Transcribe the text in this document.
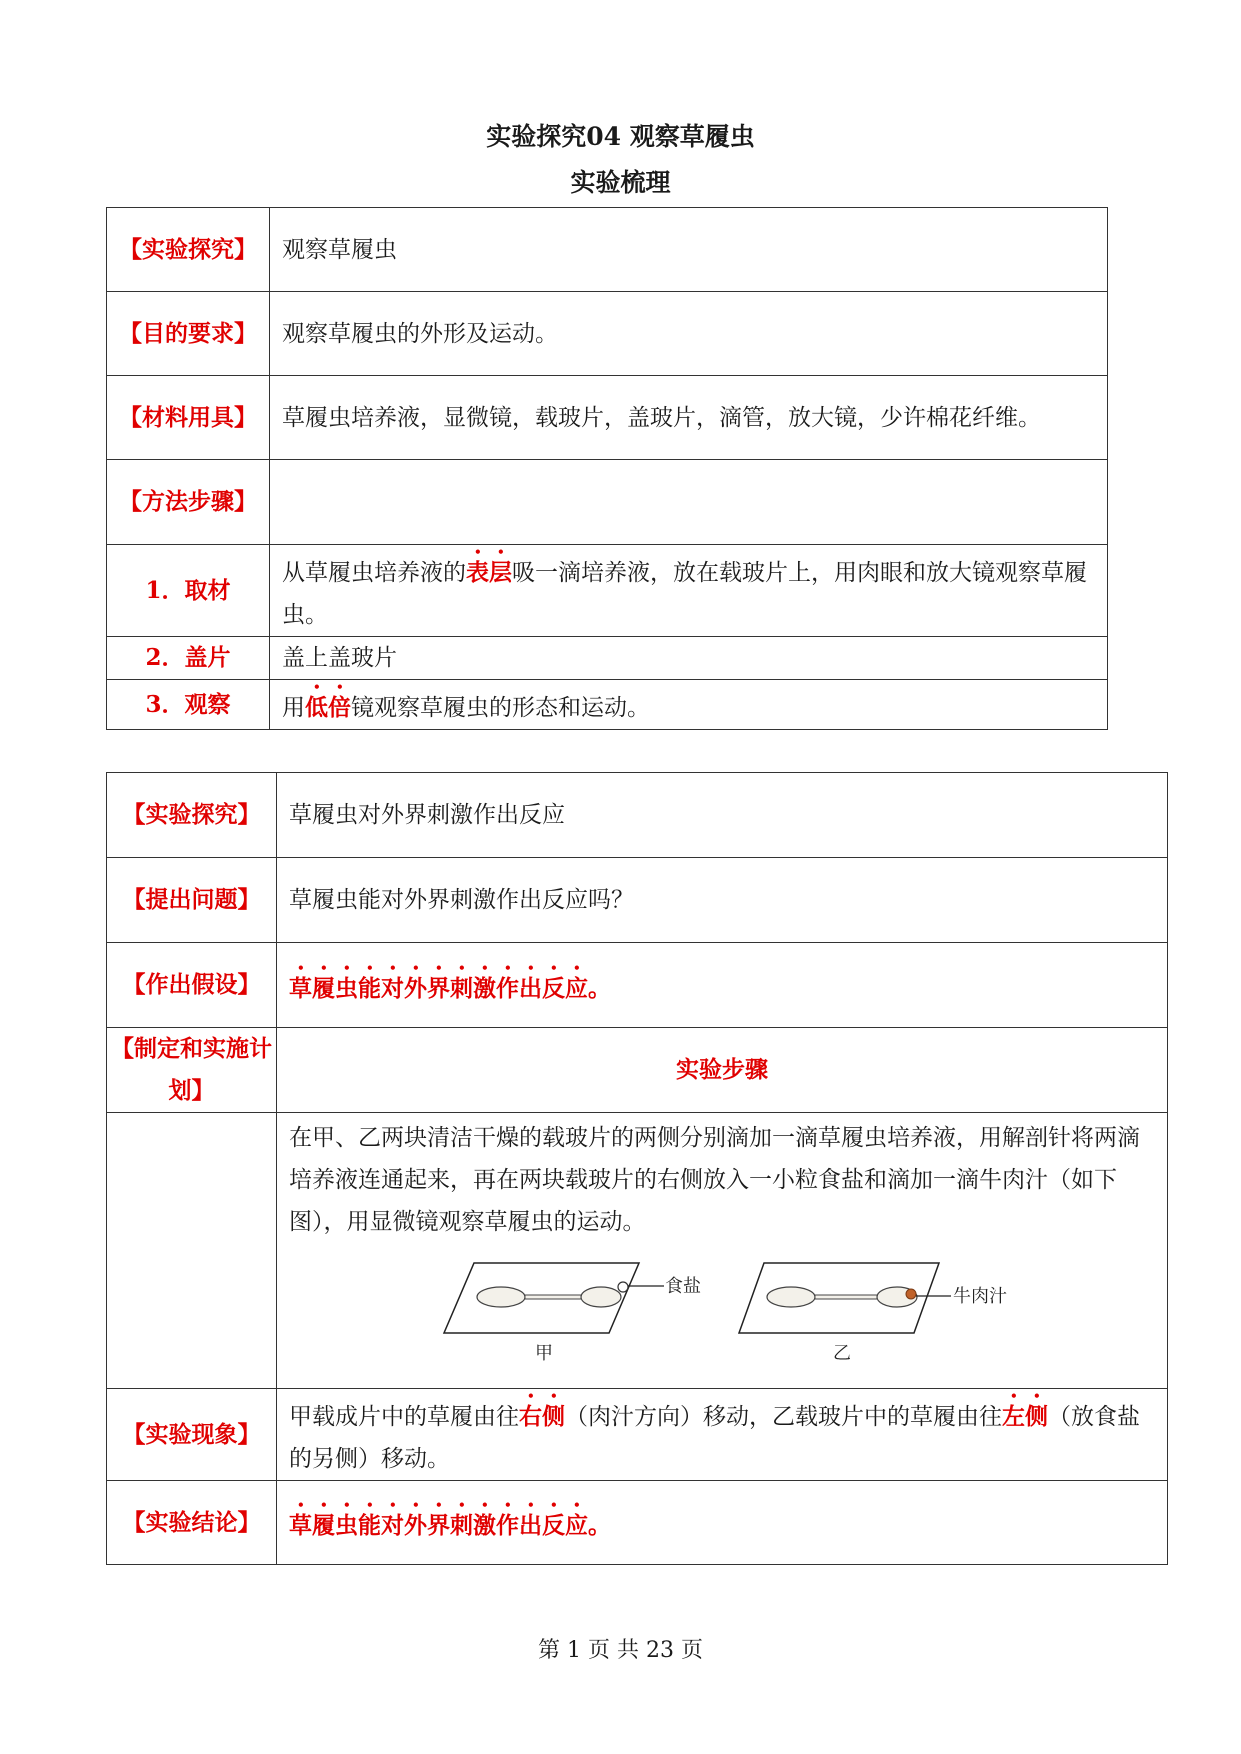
实验探究04 观察草履虫
实验梳理
【实验探究】	观察草履虫
【目的要求】	观察草履虫的外形及运动。
【材料用具】	草履虫培养液，显微镜，载玻片，盖玻片，滴管，放大镜，少许棉花纤维。
【方法步骤】	
1．取材	从草履虫培养液的表层吸一滴培养液，放在载玻片上，用肉眼和放大镜观察草履虫。
2．盖片	盖上盖玻片
3．观察	用低倍镜观察草履虫的形态和运动。
【实验探究】	草履虫对外界刺激作出反应
【提出问题】	草履虫能对外界刺激作出反应吗？
【作出假设】	草履虫能对外界刺激作出反应。
【制定和实施计划】	实验步骤

	在甲、乙两块清洁干燥的载玻片的两侧分别滴加一滴草履虫培养液，用解剖针将两滴培养液连通起来，再在两块载玻片的右侧放入一小粒食盐和滴加一滴牛肉汁（如下图），用显微镜观察草履虫的运动。
食盐
甲
牛肉汁
乙

【实验现象】	甲载成片中的草履由往右侧（肉汁方向）移动，乙载玻片中的草履由往左侧（放食盐的另侧）移动。
【实验结论】	草履虫能对外界刺激作出反应。
第 1 页 共 23 页
